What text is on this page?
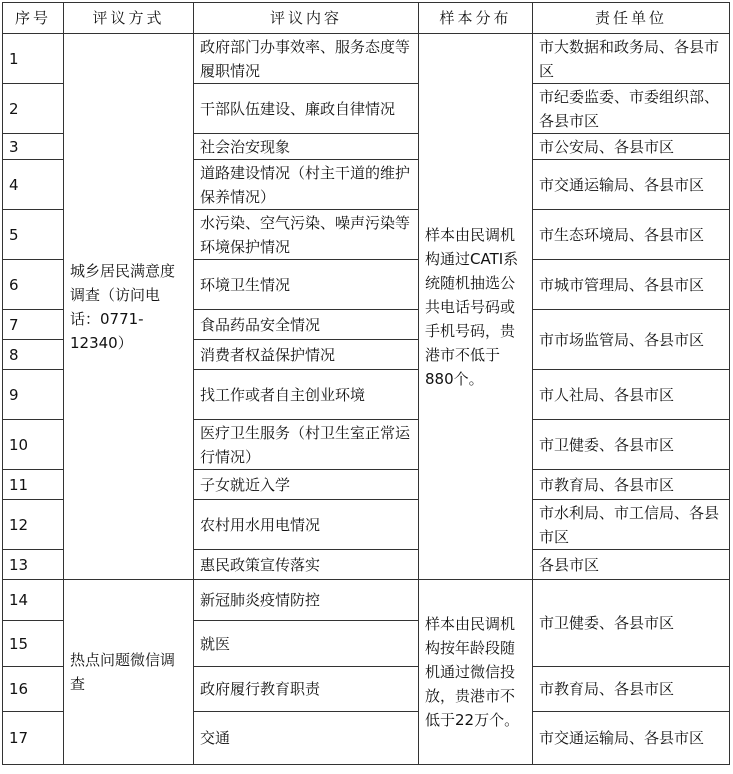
序号	评议方式	评议内容	样本分布	责任单位
1	城乡居民满意度调查（访问电话：0771-12340）	政府部门办事效率、服务态度等履职情况	样本由民调机构通过CATI系统随机抽选公共电话号码或手机号码，贵港市不低于880个。	市大数据和政务局、各县市区
2		干部队伍建设、廉政自律情况		市纪委监委、市委组织部、各县市区
3		社会治安现象		市公安局、各县市区
4		道路建设情况（村主干道的维护保养情况）		市交通运输局、各县市区
5		水污染、空气污染、噪声污染等环境保护情况		市生态环境局、各县市区
6		环境卫生情况		市城市管理局、各县市区
7		食品药品安全情况		市市场监管局、各县市区
8		消费者权益保护情况		
9		找工作或者自主创业环境		市人社局、各县市区
10		医疗卫生服务（村卫生室正常运行情况）		市卫健委、各县市区
11		子女就近入学		市教育局、各县市区
12		农村用水用电情况		市水利局、市工信局、各县市区
13		惠民政策宣传落实		各县市区
14	热点问题微信调查	新冠肺炎疫情防控	样本由民调机构按年龄段随机通过微信投放，贵港市不低于22万个。	市卫健委、各县市区
15		就医		
16		政府履行教育职责		市教育局、各县市区
17		交通		市交通运输局、各县市区
